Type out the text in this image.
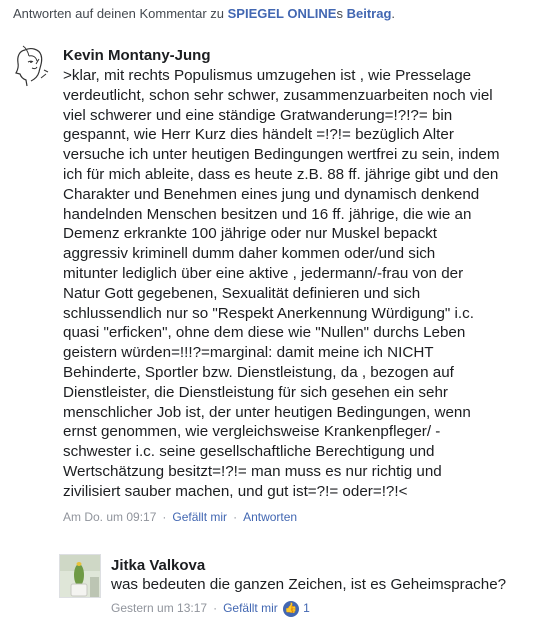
Antworten auf deinen Kommentar zu SPIEGEL ONLINEs Beitrag.
Kevin Montany-Jung
>klar, mit rechts Populismus umzugehen ist , wie Presselage
verdeutlicht, schon sehr schwer, zusammenzuarbeiten noch viel
viel schwerer und eine ständige Gratwanderung=!?!?= bin
gespannt, wie Herr Kurz dies händelt =!?!= bezüglich Alter
versuche ich unter heutigen Bedingungen wertfrei zu sein, indem
ich für mich ableite, dass es heute z.B. 88 ff. jährige gibt und den
Charakter und Benehmen eines jung und dynamisch denkend
handelnden Menschen besitzen und 16 ff. jährige, die wie an
Demenz erkrankte 100 jährige oder nur Muskel bepackt
aggressiv kriminell dumm daher kommen oder/und sich
mitunter lediglich über eine aktive , jedermann/-frau von der
Natur Gott gegebenen, Sexualität definieren und sich
schlussendlich nur so "Respekt Anerkennung Würdigung" i.c.
quasi "erficken", ohne dem diese wie "Nullen" durchs Leben
geistern würden=!!!?=marginal: damit meine ich NICHT
Behinderte, Sportler bzw. Dienstleistung, da , bezogen auf
Dienstleister, die Dienstleistung für sich gesehen ein sehr
menschlicher Job ist, der unter heutigen Bedingungen, wenn
ernst genommen, wie vergleichsweise Krankenpfleger/ -
schwester i.c. seine gesellschaftliche Berechtigung und
Wertschätzung besitzt=!?!= man muss es nur richtig und
zivilisiert sauber machen, und gut ist=?!= oder=!?!<
Am Do. um 09:17 · Gefällt mir · Antworten
Jitka Valkova
was bedeuten die ganzen Zeichen, ist es Geheimsprache?
Gestern um 13:17 · Gefällt mir 👍 1
